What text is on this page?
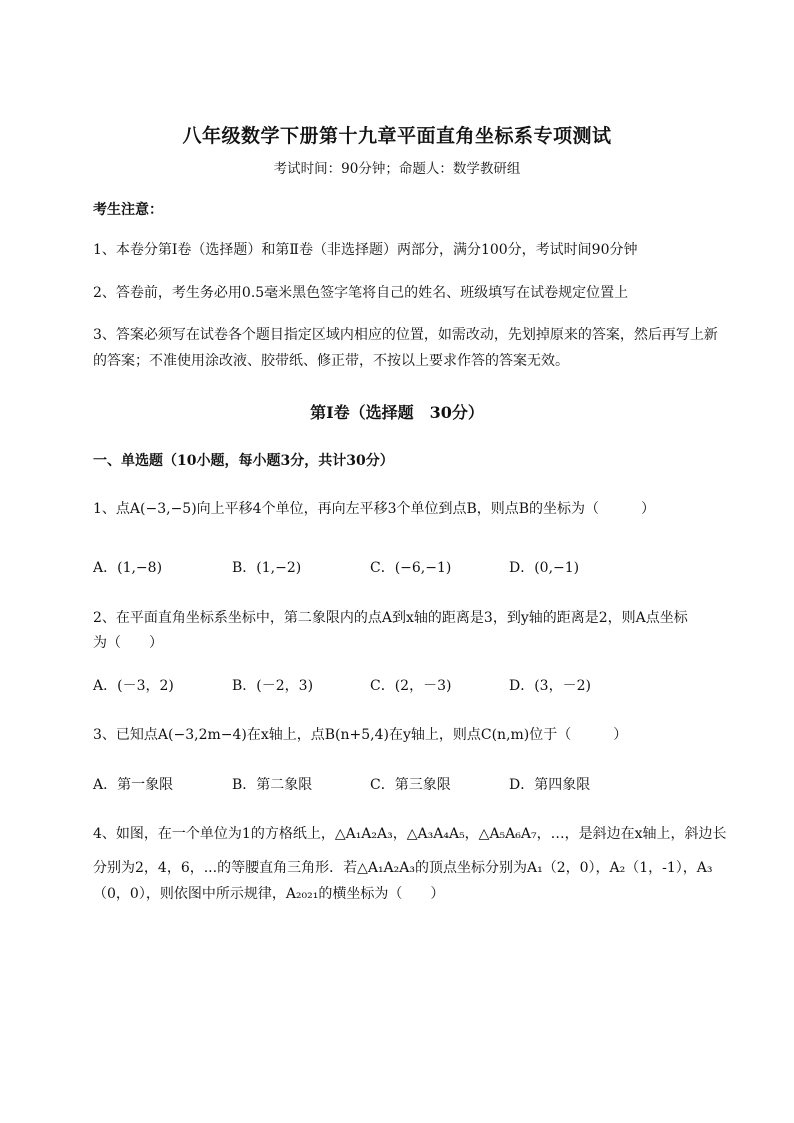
八年级数学下册第十九章平面直角坐标系专项测试
考试时间：90分钟；命题人：数学教研组
考生注意：
1、本卷分第I卷（选择题）和第Ⅱ卷（非选择题）两部分，满分100分，考试时间90分钟
2、答卷前，考生务必用0.5毫米黑色签字笔将自己的姓名、班级填写在试卷规定位置上
3、答案必须写在试卷各个题目指定区域内相应的位置，如需改动，先划掉原来的答案，然后再写上新
的答案；不准使用涂改液、胶带纸、修正带，不按以上要求作答的答案无效。
第I卷（选择题　30分）
一、单选题（10小题，每小题3分，共计30分）
1、点A(−3,−5)向上平移4个单位，再向左平移3个单位到点B，则点B的坐标为（　　　）
A．(1,−8)	B．(1,−2)	C．(−6,−1)	D．(0,−1)
2、在平面直角坐标系坐标中，第二象限内的点A到x轴的距离是3，到y轴的距离是2，则A点坐标
为（　　）
A．(－3，2)	B．(－2，3)	C．(2，－3)	D．(3，－2)
3、已知点A(−3,2m−4)在x轴上，点B(n+5,4)在y轴上，则点C(n,m)位于（　　　）
A．第一象限	B．第二象限	C．第三象限	D．第四象限
4、如图，在一个单位为1的方格纸上，△A₁A₂A₃，△A₃A₄A₅，△A₅A₆A₇，…，是斜边在x轴上，斜边长
分别为2，4，6，...的等腰直角三角形．若△A₁A₂A₃的顶点坐标分别为A₁（2，0），A₂（1，-1），A₃
（0，0），则依图中所示规律，A₂₀₂₁的横坐标为（　　）
